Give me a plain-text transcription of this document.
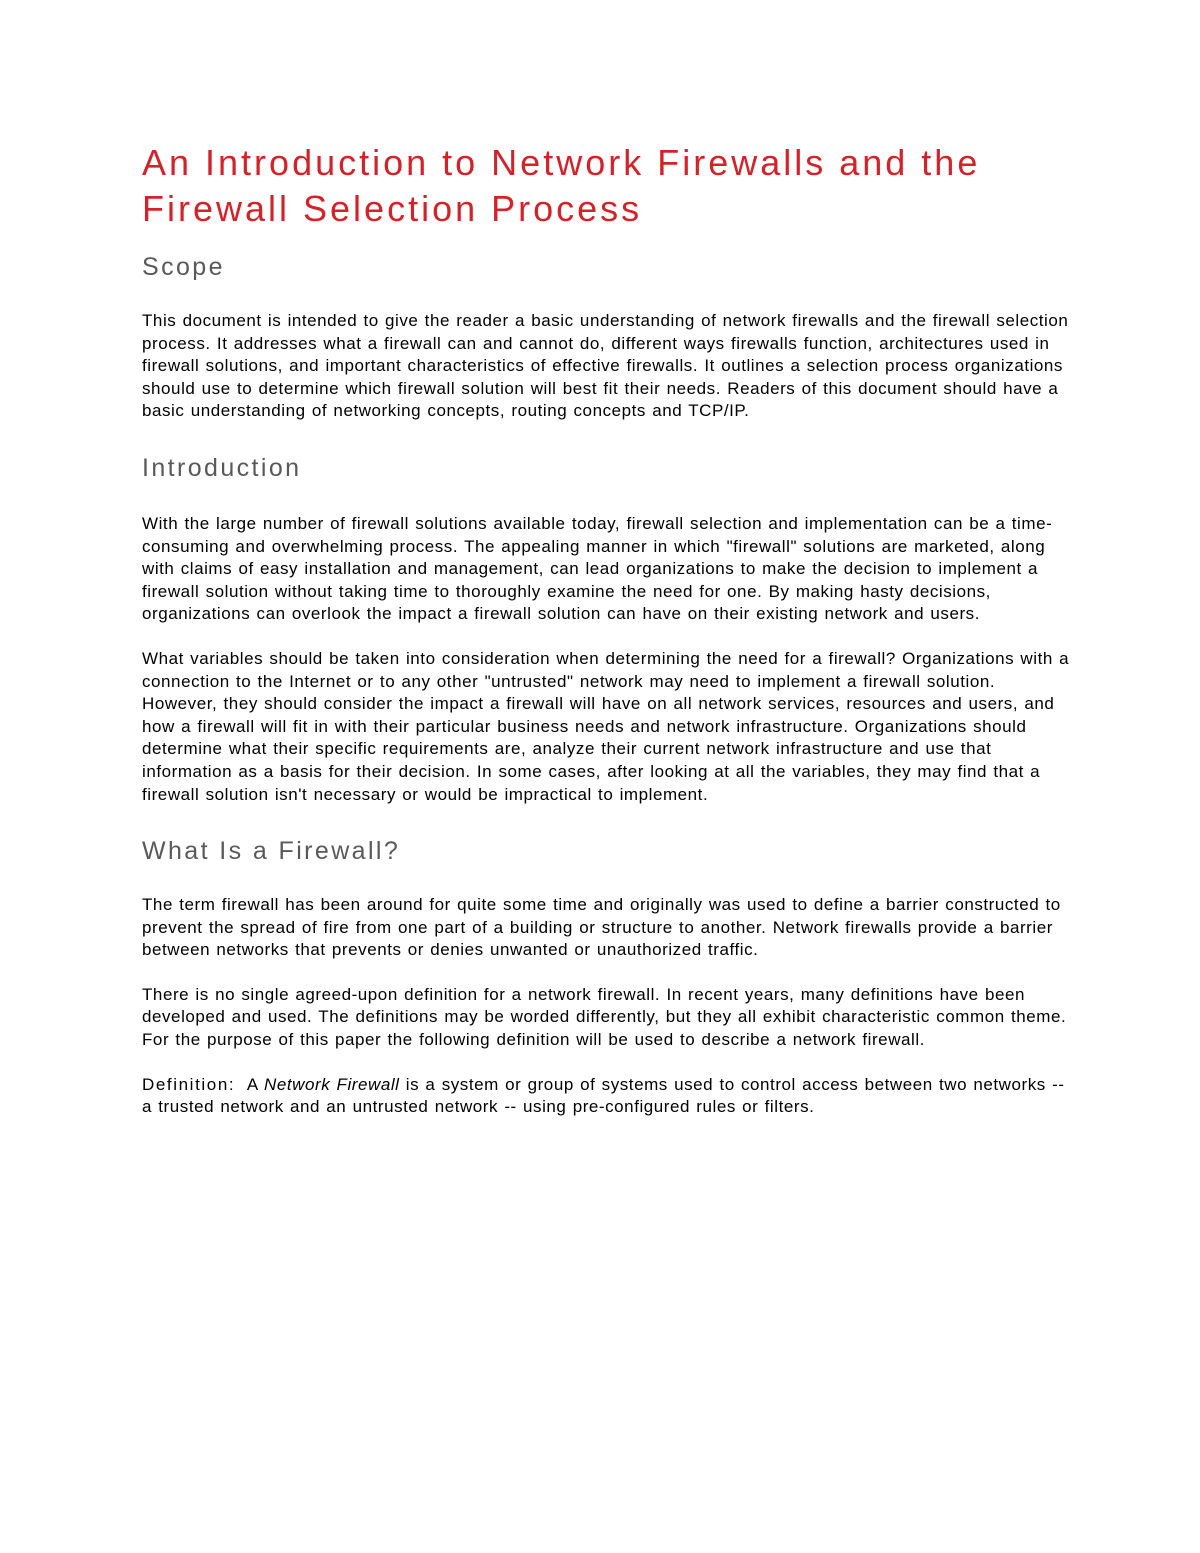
An Introduction to Network Firewalls and the Firewall Selection Process
Scope

This document is intended to give the reader a basic understanding of network firewalls and the firewall selection process. It addresses what a firewall can and cannot do, different ways firewalls function, architectures used in firewall solutions, and important characteristics of effective firewalls. It outlines a selection process organizations should use to determine which firewall solution will best fit their needs. Readers of this document should have a basic understanding of networking concepts, routing concepts and TCP/IP.

Introduction

With the large number of firewall solutions available today, firewall selection and implementation can be a time-consuming and overwhelming process. The appealing manner in which "firewall" solutions are marketed, along with claims of easy installation and management, can lead organizations to make the decision to implement a firewall solution without taking time to thoroughly examine the need for one. By making hasty decisions, organizations can overlook the impact a firewall solution can have on their existing network and users.

What variables should be taken into consideration when determining the need for a firewall? Organizations with a connection to the Internet or to any other "untrusted" network may need to implement a firewall solution. However, they should consider the impact a firewall will have on all network services, resources and users, and how a firewall will fit in with their particular business needs and network infrastructure. Organizations should determine what their specific requirements are, analyze their current network infrastructure and use that information as a basis for their decision. In some cases, after looking at all the variables, they may find that a firewall solution isn't necessary or would be impractical to implement.

What Is a Firewall?

The term firewall has been around for quite some time and originally was used to define a barrier constructed to prevent the spread of fire from one part of a building or structure to another. Network firewalls provide a barrier between networks that prevents or denies unwanted or unauthorized traffic.

There is no single agreed-upon definition for a network firewall. In recent years, many definitions have been developed and used. The definitions may be worded differently, but they all exhibit characteristic common theme. For the purpose of this paper the following definition will be used to describe a network firewall.

Definition: A Network Firewall is a system or group of systems used to control access between two networks -- a trusted network and an untrusted network -- using pre-configured rules or filters.
